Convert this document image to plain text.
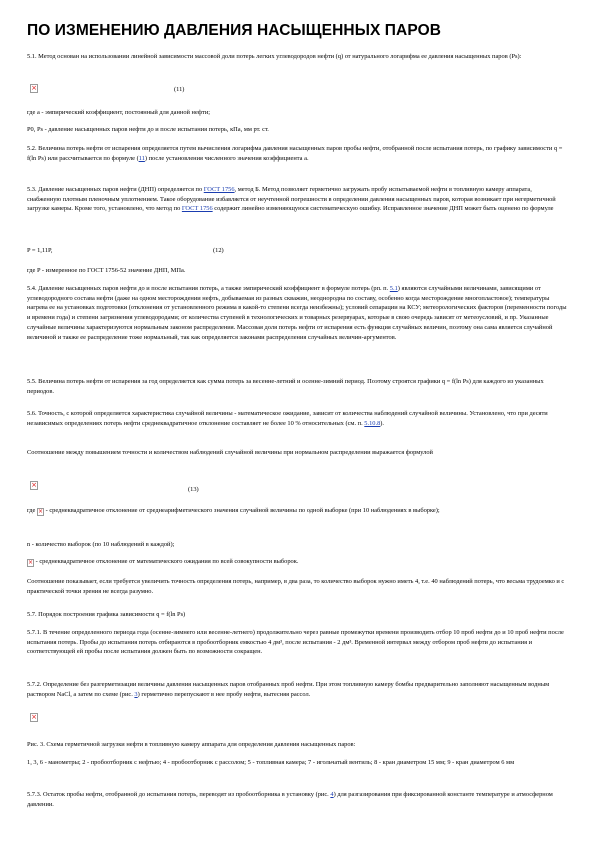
ПО ИЗМЕНЕНИЮ ДАВЛЕНИЯ НАСЫЩЕННЫХ ПАРОВ

5.1. Метод основан на использовании линейной зависимости массовой доли потерь легких углеводородов нефти (q) от натурального логарифма ее давления насыщенных паров (Ps):

×	(11)

где a - эмпирический коэффициент, постоянный для данной нефти;

P0, Ps - давление насыщенных паров нефти до и после испытания потерь, кПа, мм рт. ст.

5.2. Величина потерь нефти от испарения определяется путем вычисления логарифма давления насыщенных паров пробы нефти, отобранной после испытания потерь, по графику зависимости q = f(ln Ps) или рассчитывается по формуле (11) после установления численного значения коэффициента a.

5.3. Давление насыщенных паров нефти (ДНП) определяется по ГОСТ 1756, метод Б. Метод позволяет герметично загружать пробу испытываемой нефти в топливную камеру аппарата, снабженную плотным пленочным уплотнением. Такое оборудование избавляется от неучтенной погрешности в определении давления насыщенных паров, которая возникает при негерметичной загрузке камеры. Кроме того, установлено, что метод по ГОСТ 1756 содержит линейно изменяющуюся систематическую ошибку. Исправленное значение ДНП может быть оценено по формуле

P = 1,11P,	(12)

где P - измеренное по ГОСТ 1756-52 значение ДНП, МПа.

5.4. Давление насыщенных паров нефти до и после испытания потерь, а также эмпирический коэффициент в формуле потерь (рп. п. 5.1) являются случайными величинами, зависящими от углеводородного состава нефти (даже на одном месторождении нефть, добываемая из разных скважин, неоднородна по составу, особенно когда месторождение многопластовое); температуры нагрева ее на установках подготовки (отклонения от установленного режима в какой-то степени всегда неизбежны); условий сепарации на КСУ; метеорологических факторов (переменности погоды и времени года) и степени загрязнения углеводородами; от количества ступеней в технологических и товарных резервуарах, которые в свою очередь зависят от метеоусловий, и пр. Указанные случайные величины характеризуются нормальным законом распределения. Массовая доля потерь нефти от испарения есть функция случайных величин, поэтому она сама является случайной величиной и также ее распределение тоже нормальный, так как определяется законами распределения случайных величин-аргументов.

5.5. Величина потерь нефти от испарения за год определяется как сумма потерь за весенне-летний и осенне-зимний период. Поэтому строятся графики q = f(ln Ps) для каждого из указанных периодов.

5.6. Точность, с которой определяется характеристика случайной величины - математическое ожидание, зависит от количества наблюдений случайной величины. Установлено, что при десяти независимых определениях потерь нефти среднеквадратичное отклонение составляет не более 10 % относительных (см. п. 5.10.8).

Соотношение между повышением точности и количеством наблюдений случайной величины при нормальном распределении выражается формулой

×
(13)

где × - среднеквадратичное отклонение от среднеарифметического значения случайной величины по одной выборке (при 10 наблюдениях в выборке);

n - количество выборок (по 10 наблюдений в каждой);

× - среднеквадратичное отклонение от математического ожидания по всей совокупности выборок.

Соотношение показывает, если требуется увеличить точность определения потерь, например, в два раза, то количество выборок нужно иметь 4, т.е. 40 наблюдений потерь, что весьма трудоемко и с практической точки зрения не всегда разумно.

5.7. Порядок построения графика зависимости q = f(ln Ps)

5.7.1. В течение определенного периода года (осенне-зимнего или весенне-летнего) продолжительно через равные промежутки времени производить отбор 10 проб нефти до и 10 проб нефти после испытания потерь. Пробы до испытания потерь отбираются в пробоотборник емкостью 4 дм³, после испытания - 2 дм³. Временной интервал между отбором проб нефти до испытания и соответствующей ей пробы после испытания должен быть по возможности сокращен.

5.7.2. Определение без разгерметизации величины давления насыщенных паров отобранных проб нефти. При этом топливную камеру бомбы предварительно заполняют насыщенным водным раствором NaCl, а затем по схеме (рис. 3) герметично перепускают в нее пробу нефти, вытесняя рассол.

×

Рис. 3. Схема герметичной загрузки нефти в топливную камеру аппарата для определения давления насыщенных паров:

1, 3, 6 - манометры; 2 - пробоотборник с нефтью; 4 - пробоотборник с рассолом; 5 - топливная камера; 7 - игольчатый вентиль; 8 - кран диаметром 15 мм; 9 - кран диаметром 6 мм

5.7.3. Остаток пробы нефти, отобранной до испытания потерь, переводят из пробоотборника в установку (рис. 4) для разгазирования при фиксированной константе температуре и атмосферном давлении.
